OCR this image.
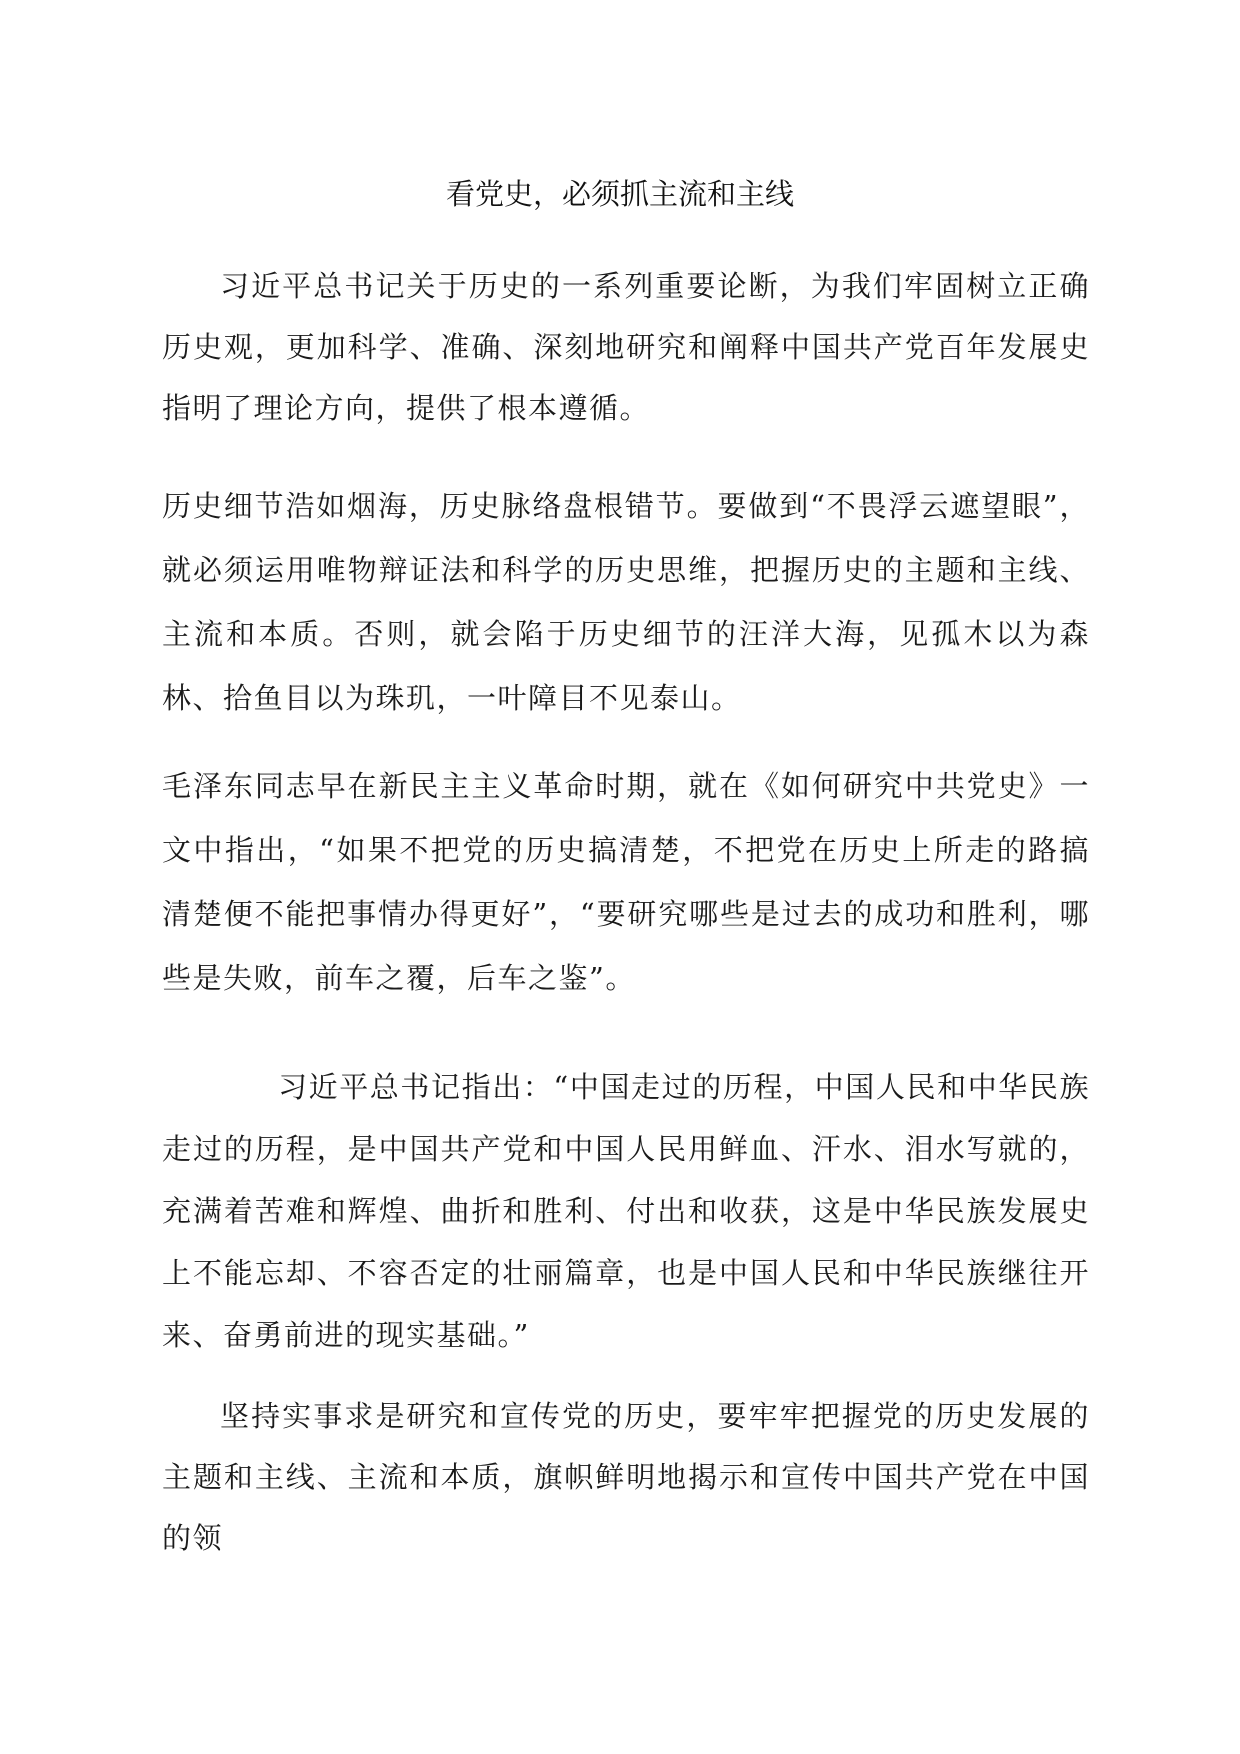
看党史，必须抓主流和主线

习近平总书记关于历史的一系列重要论断，为我们牢固树立正确历史观，更加科学、准确、深刻地研究和阐释中国共产党百年发展史指明了理论方向，提供了根本遵循。

历史细节浩如烟海，历史脉络盘根错节。要做到“不畏浮云遮望眼”，就必须运用唯物辩证法和科学的历史思维，把握历史的主题和主线、主流和本质。否则，就会陷于历史细节的汪洋大海，见孤木以为森林、拾鱼目以为珠玑，一叶障目不见泰山。

毛泽东同志早在新民主主义革命时期，就在《如何研究中共党史》一文中指出，“如果不把党的历史搞清楚，不把党在历史上所走的路搞清楚便不能把事情办得更好”，“要研究哪些是过去的成功和胜利，哪些是失败，前车之覆，后车之鉴”。

习近平总书记指出：“中国走过的历程，中国人民和中华民族走过的历程，是中国共产党和中国人民用鲜血、汗水、泪水写就的，充满着苦难和辉煌、曲折和胜利、付出和收获，这是中华民族发展史上不能忘却、不容否定的壮丽篇章，也是中国人民和中华民族继往开来、奋勇前进的现实基础。”

坚持实事求是研究和宣传党的历史，要牢牢把握党的历史发展的主题和主线、主流和本质，旗帜鲜明地揭示和宣传中国共产党在中国的领
